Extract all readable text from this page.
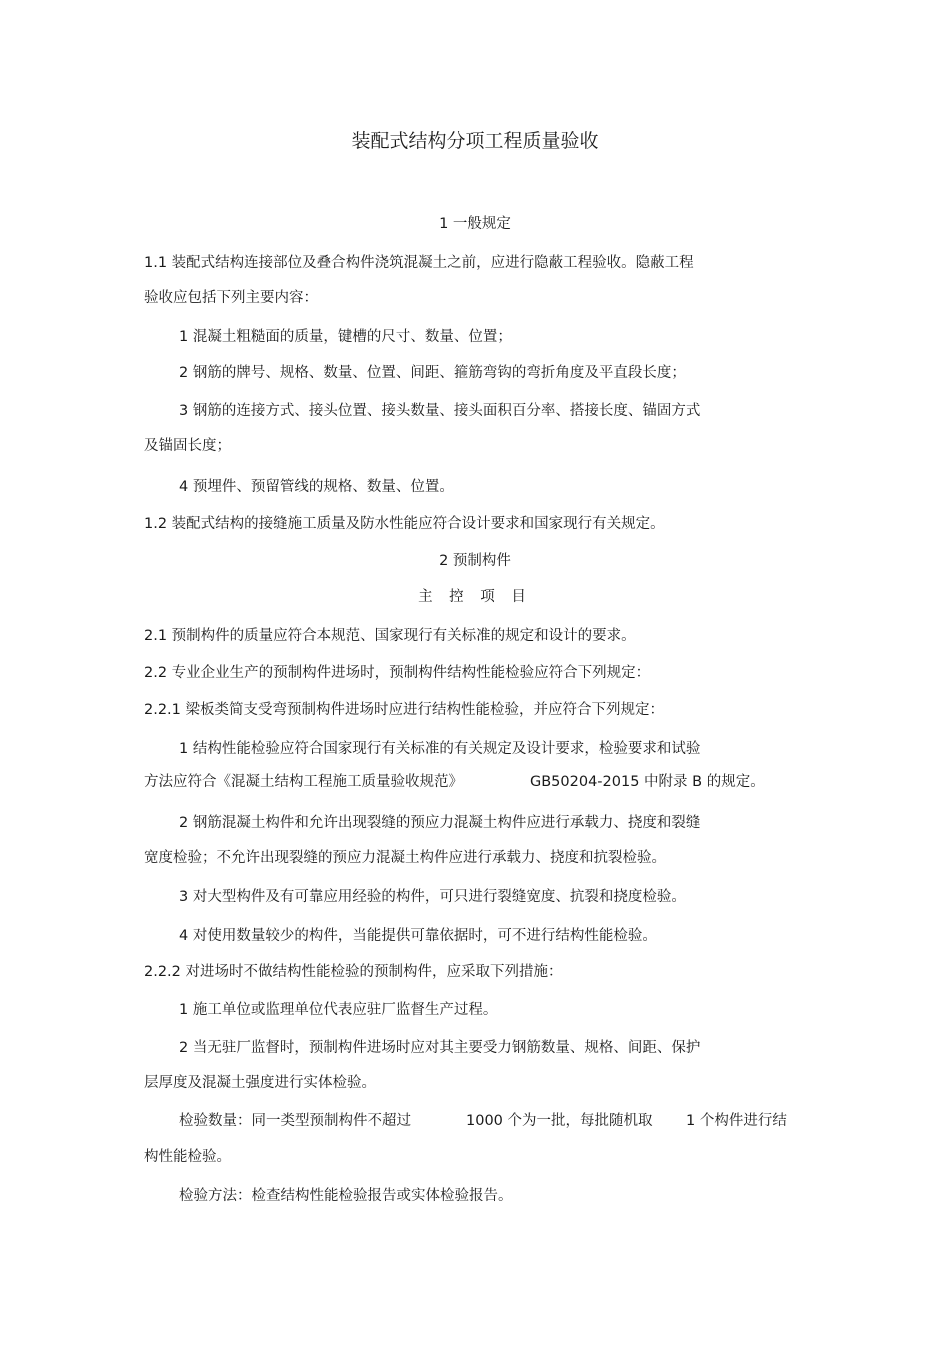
装配式结构分项工程质量验收
1 一般规定
1.1 装配式结构连接部位及叠合构件浇筑混凝土之前，应进行隐蔽工程验收。隐蔽工程
验收应包括下列主要内容：
1 混凝土粗糙面的质量，键槽的尺寸、数量、位置；
2 钢筋的牌号、规格、数量、位置、间距、箍筋弯钩的弯折角度及平直段长度；
3 钢筋的连接方式、接头位置、接头数量、接头面积百分率、搭接长度、锚固方式
及锚固长度；
4 预埋件、预留管线的规格、数量、位置。
1.2 装配式结构的接缝施工质量及防水性能应符合设计要求和国家现行有关规定。
2 预制构件
主 控 项 目
2.1 预制构件的质量应符合本规范、国家现行有关标准的规定和设计的要求。
2.2 专业企业生产的预制构件进场时，预制构件结构性能检验应符合下列规定：
2.2.1 梁板类简支受弯预制构件进场时应进行结构性能检验，并应符合下列规定：
1 结构性能检验应符合国家现行有关标准的有关规定及设计要求，检验要求和试验
方法应符合《混凝土结构工程施工质量验收规范》	GB50204-2015 中附录 B 的规定。
2 钢筋混凝土构件和允许出现裂缝的预应力混凝土构件应进行承载力、挠度和裂缝
宽度检验；不允许出现裂缝的预应力混凝土构件应进行承载力、挠度和抗裂检验。
3 对大型构件及有可靠应用经验的构件，可只进行裂缝宽度、抗裂和挠度检验。
4 对使用数量较少的构件，当能提供可靠依据时，可不进行结构性能检验。
2.2.2 对进场时不做结构性能检验的预制构件，应采取下列措施：
1 施工单位或监理单位代表应驻厂监督生产过程。
2 当无驻厂监督时，预制构件进场时应对其主要受力钢筋数量、规格、间距、保护
层厚度及混凝土强度进行实体检验。
检验数量：同一类型预制构件不超过	1000 个为一批，每批随机取 1 个构件进行结
构性能检验。
检验方法：检查结构性能检验报告或实体检验报告。
